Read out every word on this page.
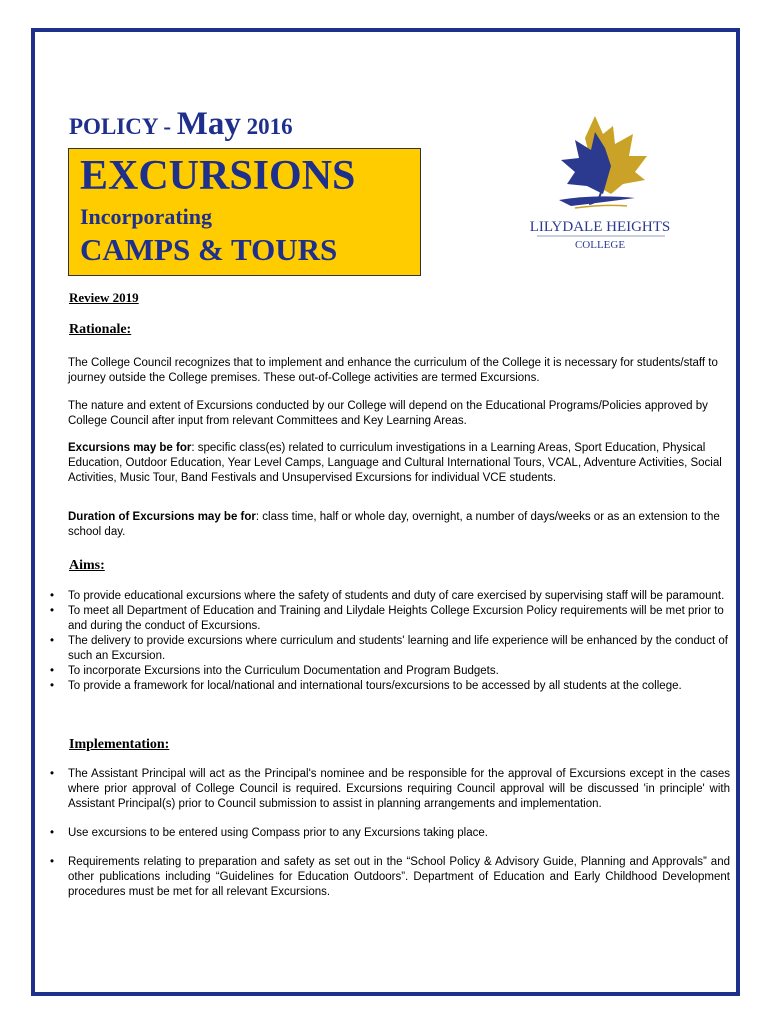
POLICY - May 2016
EXCURSIONS
Incorporating
CAMPS & TOURS
LILYDALE HEIGHTS
COLLEGE
Review 2019
Rationale:
The College Council recognizes that to implement and enhance the curriculum of the College it is necessary for students/staff to journey outside the College premises. These out-of-College activities are termed Excursions.
The nature and extent of Excursions conducted by our College will depend on the Educational Programs/Policies approved by College Council after input from relevant Committees and Key Learning Areas.
Excursions may be for: specific class(es) related to curriculum investigations in a Learning Areas, Sport Education, Physical Education, Outdoor Education, Year Level Camps, Language and Cultural International Tours, VCAL, Adventure Activities, Social Activities, Music Tour, Band Festivals and Unsupervised Excursions for individual VCE students.
Duration of Excursions may be for: class time, half or whole day, overnight, a number of days/weeks or as an extension to the school day.
Aims:
• To provide educational excursions where the safety of students and duty of care exercised by supervising staff will be paramount.
• To meet all Department of Education and Training and Lilydale Heights College Excursion Policy requirements will be met prior to and during the conduct of Excursions.
• The delivery to provide excursions where curriculum and students' learning and life experience will be enhanced by the conduct of such an Excursion.
• To incorporate Excursions into the Curriculum Documentation and Program Budgets.
• To provide a framework for local/national and international tours/excursions to be accessed by all students at the college.
Implementation:
• The Assistant Principal will act as the Principal's nominee and be responsible for the approval of Excursions except in the cases where prior approval of College Council is required. Excursions requiring Council approval will be discussed 'in principle' with Assistant Principal(s) prior to Council submission to assist in planning arrangements and implementation.
• Use excursions to be entered using Compass prior to any Excursions taking place.
• Requirements relating to preparation and safety as set out in the “School Policy & Advisory Guide, Planning and Approvals” and other publications including “Guidelines for Education Outdoors”. Department of Education and Early Childhood Development procedures must be met for all relevant Excursions.
